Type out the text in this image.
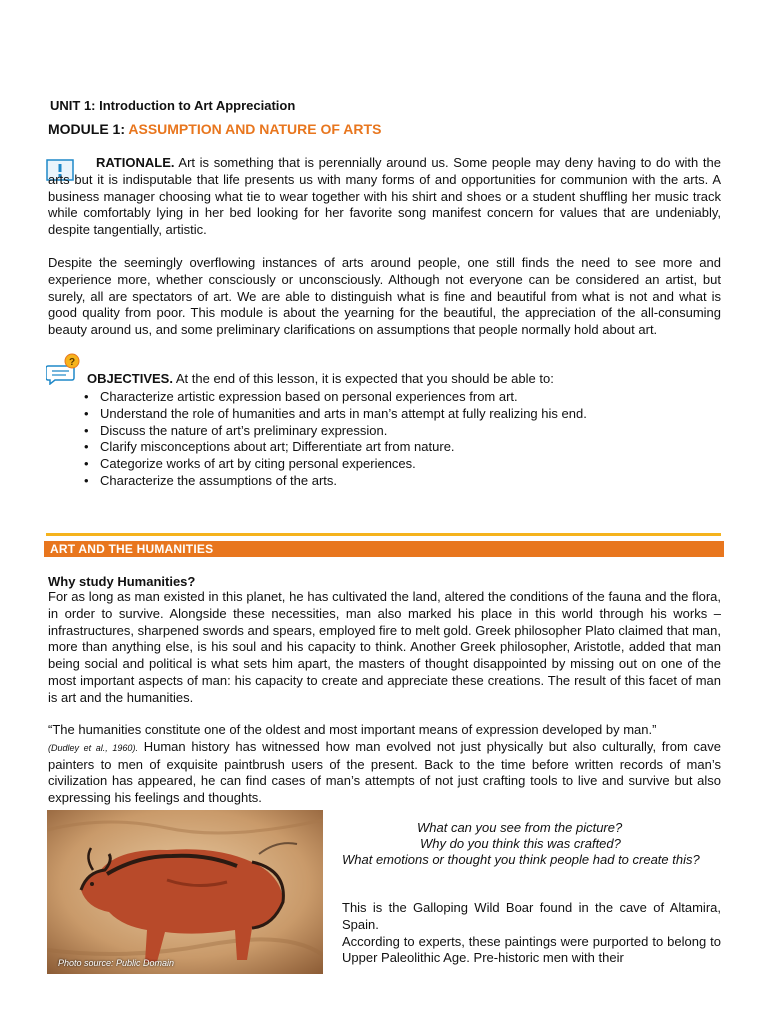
UNIT 1: Introduction to Art Appreciation
MODULE 1: ASSUMPTION AND NATURE OF ARTS
RATIONALE. Art is something that is perennially around us. Some people may deny having to do with the arts but it is indisputable that life presents us with many forms of and opportunities for communion with the arts. A business manager choosing what tie to wear together with his shirt and shoes or a student shuffling her music track while comfortably lying in her bed looking for her favorite song manifest concern for values that are undeniably, despite tangentially, artistic.
Despite the seemingly overflowing instances of arts around people, one still finds the need to see more and experience more, whether consciously or unconsciously. Although not everyone can be considered an artist, but surely, all are spectators of art. We are able to distinguish what is fine and beautiful from what is not and what is good quality from poor. This module is about the yearning for the beautiful, the appreciation of the all-consuming beauty around us, and some preliminary clarifications on assumptions that people normally hold about art.
?
OBJECTIVES. At the end of this lesson, it is expected that you should be able to:
• Characterize artistic expression based on personal experiences from art.
• Understand the role of humanities and arts in man’s attempt at fully realizing his end.
• Discuss the nature of art’s preliminary expression.
• Clarify misconceptions about art; Differentiate art from nature.
• Categorize works of art by citing personal experiences.
• Characterize the assumptions of the arts.
ART AND THE HUMANITIES
Why study Humanities?
For as long as man existed in this planet, he has cultivated the land, altered the conditions of the fauna and the flora, in order to survive. Alongside these necessities, man also marked his place in this world through his works – infrastructures, sharpened swords and spears, employed fire to melt gold. Greek philosopher Plato claimed that man, more than anything else, is his soul and his capacity to think. Another Greek philosopher, Aristotle, added that man being social and political is what sets him apart, the masters of thought disappointed by missing out on one of the most important aspects of man: his capacity to create and appreciate these creations. The result of this facet of man is art and the humanities.
“The humanities constitute one of the oldest and most important means of expression developed by man.”
(Dudley et al., 1960). Human history has witnessed how man evolved not just physically but also culturally, from cave painters to men of exquisite paintbrush users of the present. Back to the time before written records of man’s civilization has appeared, he can find cases of man’s attempts of not just crafting tools to live and survive but also expressing his feelings and thoughts.
Photo source: Public Domain
What can you see from the picture?
Why do you think this was crafted?
What emotions or thought you think people had to create this?
This is the Galloping Wild Boar found in the cave of Altamira, Spain.
According to experts, these paintings were purported to belong to Upper Paleolithic Age. Pre-historic men with their
